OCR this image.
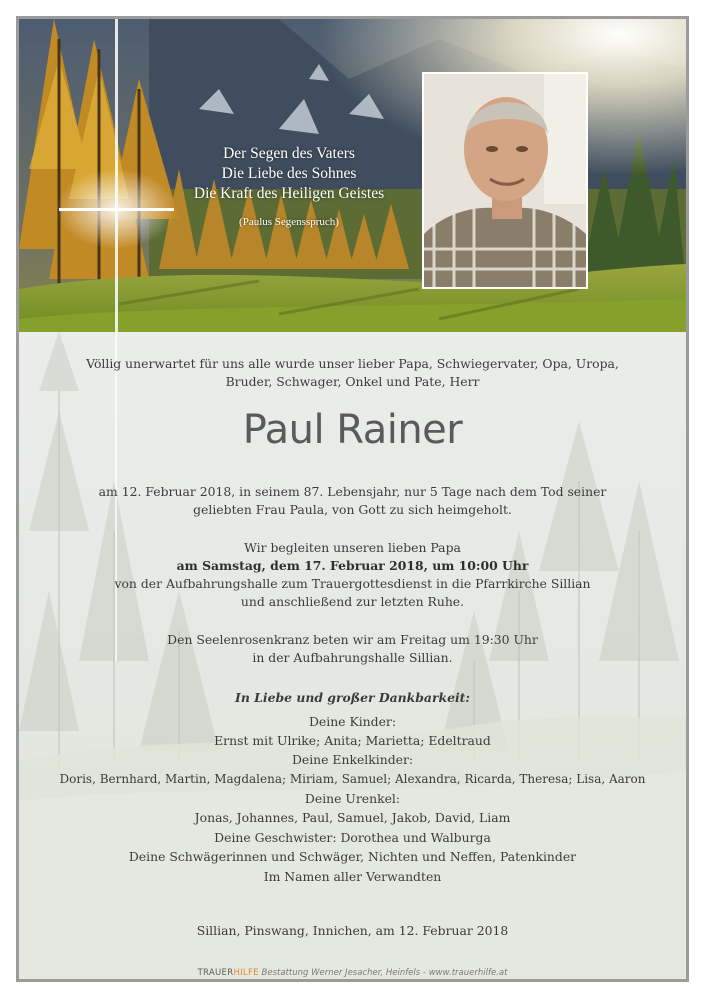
Der Segen des Vaters
Die Liebe des Sohnes
Die Kraft des Heiligen Geistes
(Paulus Segensspruch)
Völlig unerwartet für uns alle wurde unser lieber Papa, Schwiegervater, Opa, Uropa,
Bruder, Schwager, Onkel und Pate, Herr
Paul Rainer
am 12. Februar 2018, in seinem 87. Lebensjahr, nur 5 Tage nach dem Tod seiner
geliebten Frau Paula, von Gott zu sich heimgeholt.
Wir begleiten unseren lieben Papa
am Samstag, dem 17. Februar 2018, um 10:00 Uhr
von der Aufbahrungshalle zum Trauergottesdienst in die Pfarrkirche Sillian
und anschließend zur letzten Ruhe.
Den Seelenrosenkranz beten wir am Freitag um 19:30 Uhr
in der Aufbahrungshalle Sillian.
In Liebe und großer Dankbarkeit:
Deine Kinder:
Ernst mit Ulrike; Anita; Marietta; Edeltraud
Deine Enkelkinder:
Doris, Bernhard, Martin, Magdalena; Miriam, Samuel; Alexandra, Ricarda, Theresa; Lisa, Aaron
Deine Urenkel:
Jonas, Johannes, Paul, Samuel, Jakob, David, Liam
Deine Geschwister: Dorothea und Walburga
Deine Schwägerinnen und Schwäger, Nichten und Neffen, Patenkinder
Im Namen aller Verwandten
Sillian, Pinswang, Innichen, am 12. Februar 2018
TRAUERHILFE Bestattung Werner Jesacher, Heinfels - www.trauerhilfe.at
